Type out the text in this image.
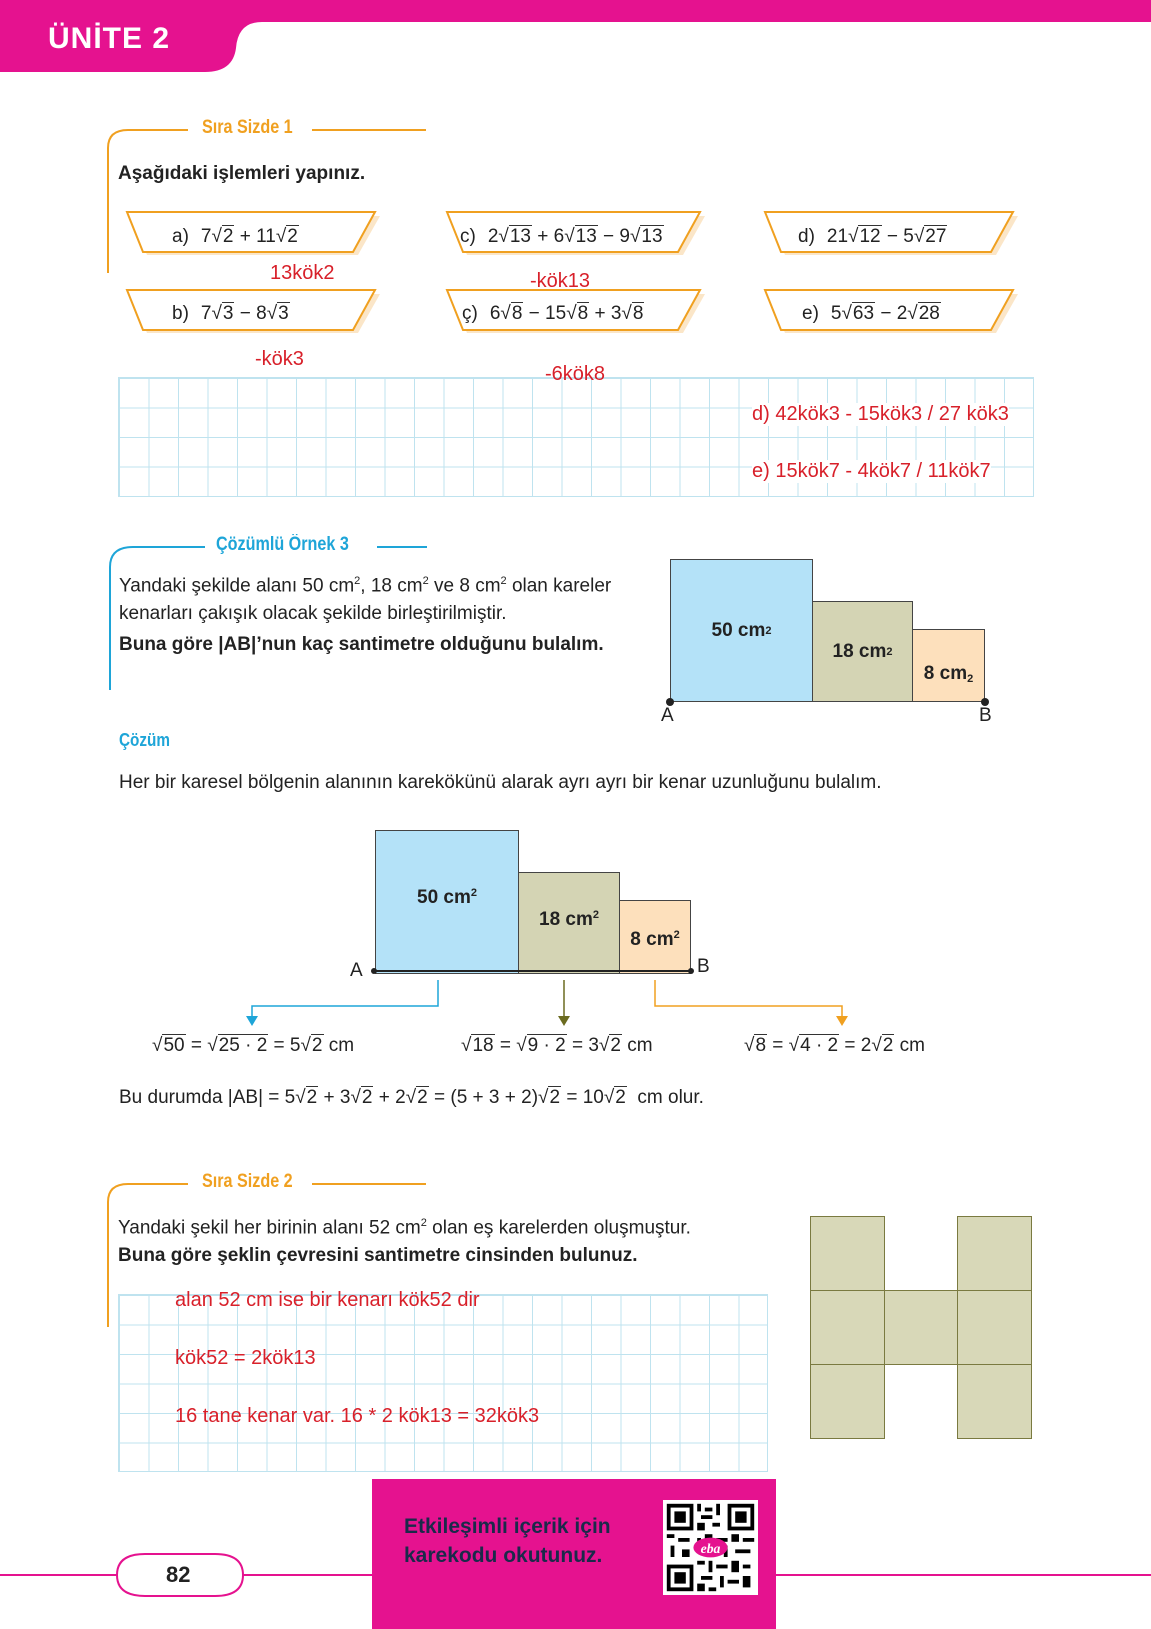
ÜNİTE 2
Sıra Sizde 1
Aşağıdaki işlemleri yapınız.
a) 7√2 + 11√2
b) 7√3 − 8√3
c) 2√13 + 6√13 − 9√13
ç) 6√8 − 15√8 + 3√8
d) 21√12 − 5√27
e) 5√63 − 2√28
13kök2	-kök13
-kök3
-6kök8
d) 42kök3 - 15kök3 / 27 kök3
e) 15kök7 - 4kök7 / 11kök7
Çözümlü Örnek 3
Yandaki şekilde alanı 50 $cm^2$, 18 $cm^2$ ve 8 $cm^2$ olan kareler
kenarları çakışık olacak şekilde birleştirilmiştir.
Buna göre |AB|’nun kaç santimetre olduğunu bulalım.
50 cm 2
18 cm 2
8 $cm_2$
A	B
Çözüm
Her bir karesel bölgenin alanının karekökünü alarak ayrı ayrı bir kenar uzunluğunu bulalım.
50 $cm^2$
18 $cm^2$
8 $cm^2$
A	B
√50 = √25 · 2 = 5√2 cm	√18 = √9 · 2 = 3√2 cm	√8 = √4 · 2 = 2√2 cm
Bu durumda |AB| = 5√2 + 3√2 + 2√2 = (5 + 3 + 2)√2 = 10√2 cm olur.
Sıra Sizde 2
Yandaki şekil her birinin alanı 52 $cm^2$ olan eş karelerden oluşmuştur.
Buna göre şeklin çevresini santimetre cinsinden bulunuz.
alan 52 cm ise bir kenarı kök52 dir
kök52 = 2kök13
16 tane kenar var. 16 * 2 kök13 = 32kök3
82
Etkileşimli içerik için
karekodu okutunuz.	eba
